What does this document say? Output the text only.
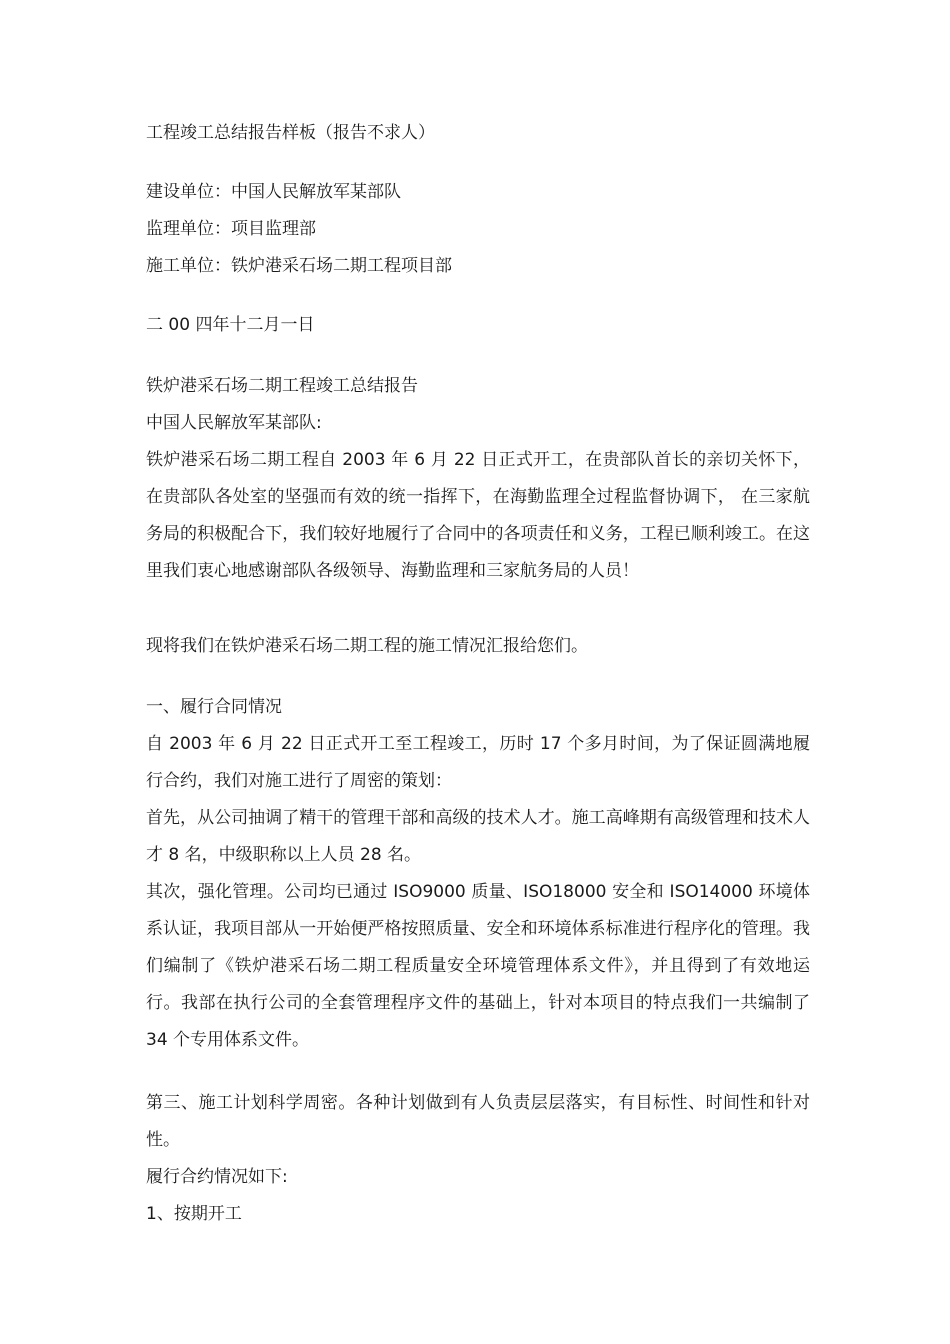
工程竣工总结报告样板（报告不求人）
建设单位：中国人民解放军某部队
监理单位：项目监理部
施工单位：铁炉港采石场二期工程项目部
二 00 四年十二月一日
铁炉港采石场二期工程竣工总结报告
中国人民解放军某部队:
铁炉港采石场二期工程自 2003 年 6 月 22 日正式开工，在贵部队首长的亲切关怀下，在贵部队各处室的坚强而有效的统一指挥下，在海勤监理全过程监督协调下， 在三家航务局的积极配合下，我们较好地履行了合同中的各项责任和义务，工程已顺利竣工。在这里我们衷心地感谢部队各级领导、海勤监理和三家航务局的人员！
现将我们在铁炉港采石场二期工程的施工情况汇报给您们。
一、履行合同情况
自 2003 年 6 月 22 日正式开工至工程竣工，历时 17 个多月时间，为了保证圆满地履行合约，我们对施工进行了周密的策划：
首先，从公司抽调了精干的管理干部和高级的技术人才。施工高峰期有高级管理和技术人才 8 名，中级职称以上人员 28 名。
其次，强化管理。公司均已通过 ISO9000 质量、ISO18000 安全和 ISO14000 环境体系认证，我项目部从一开始便严格按照质量、安全和环境体系标准进行程序化的管理。我们编制了《铁炉港采石场二期工程质量安全环境管理体系文件》，并且得到了有效地运行。我部在执行公司的全套管理程序文件的基础上，针对本项目的特点我们一共编制了 34 个专用体系文件。
第三、施工计划科学周密。各种计划做到有人负责层层落实，有目标性、时间性和针对性。
履行合约情况如下:
1、按期开工
